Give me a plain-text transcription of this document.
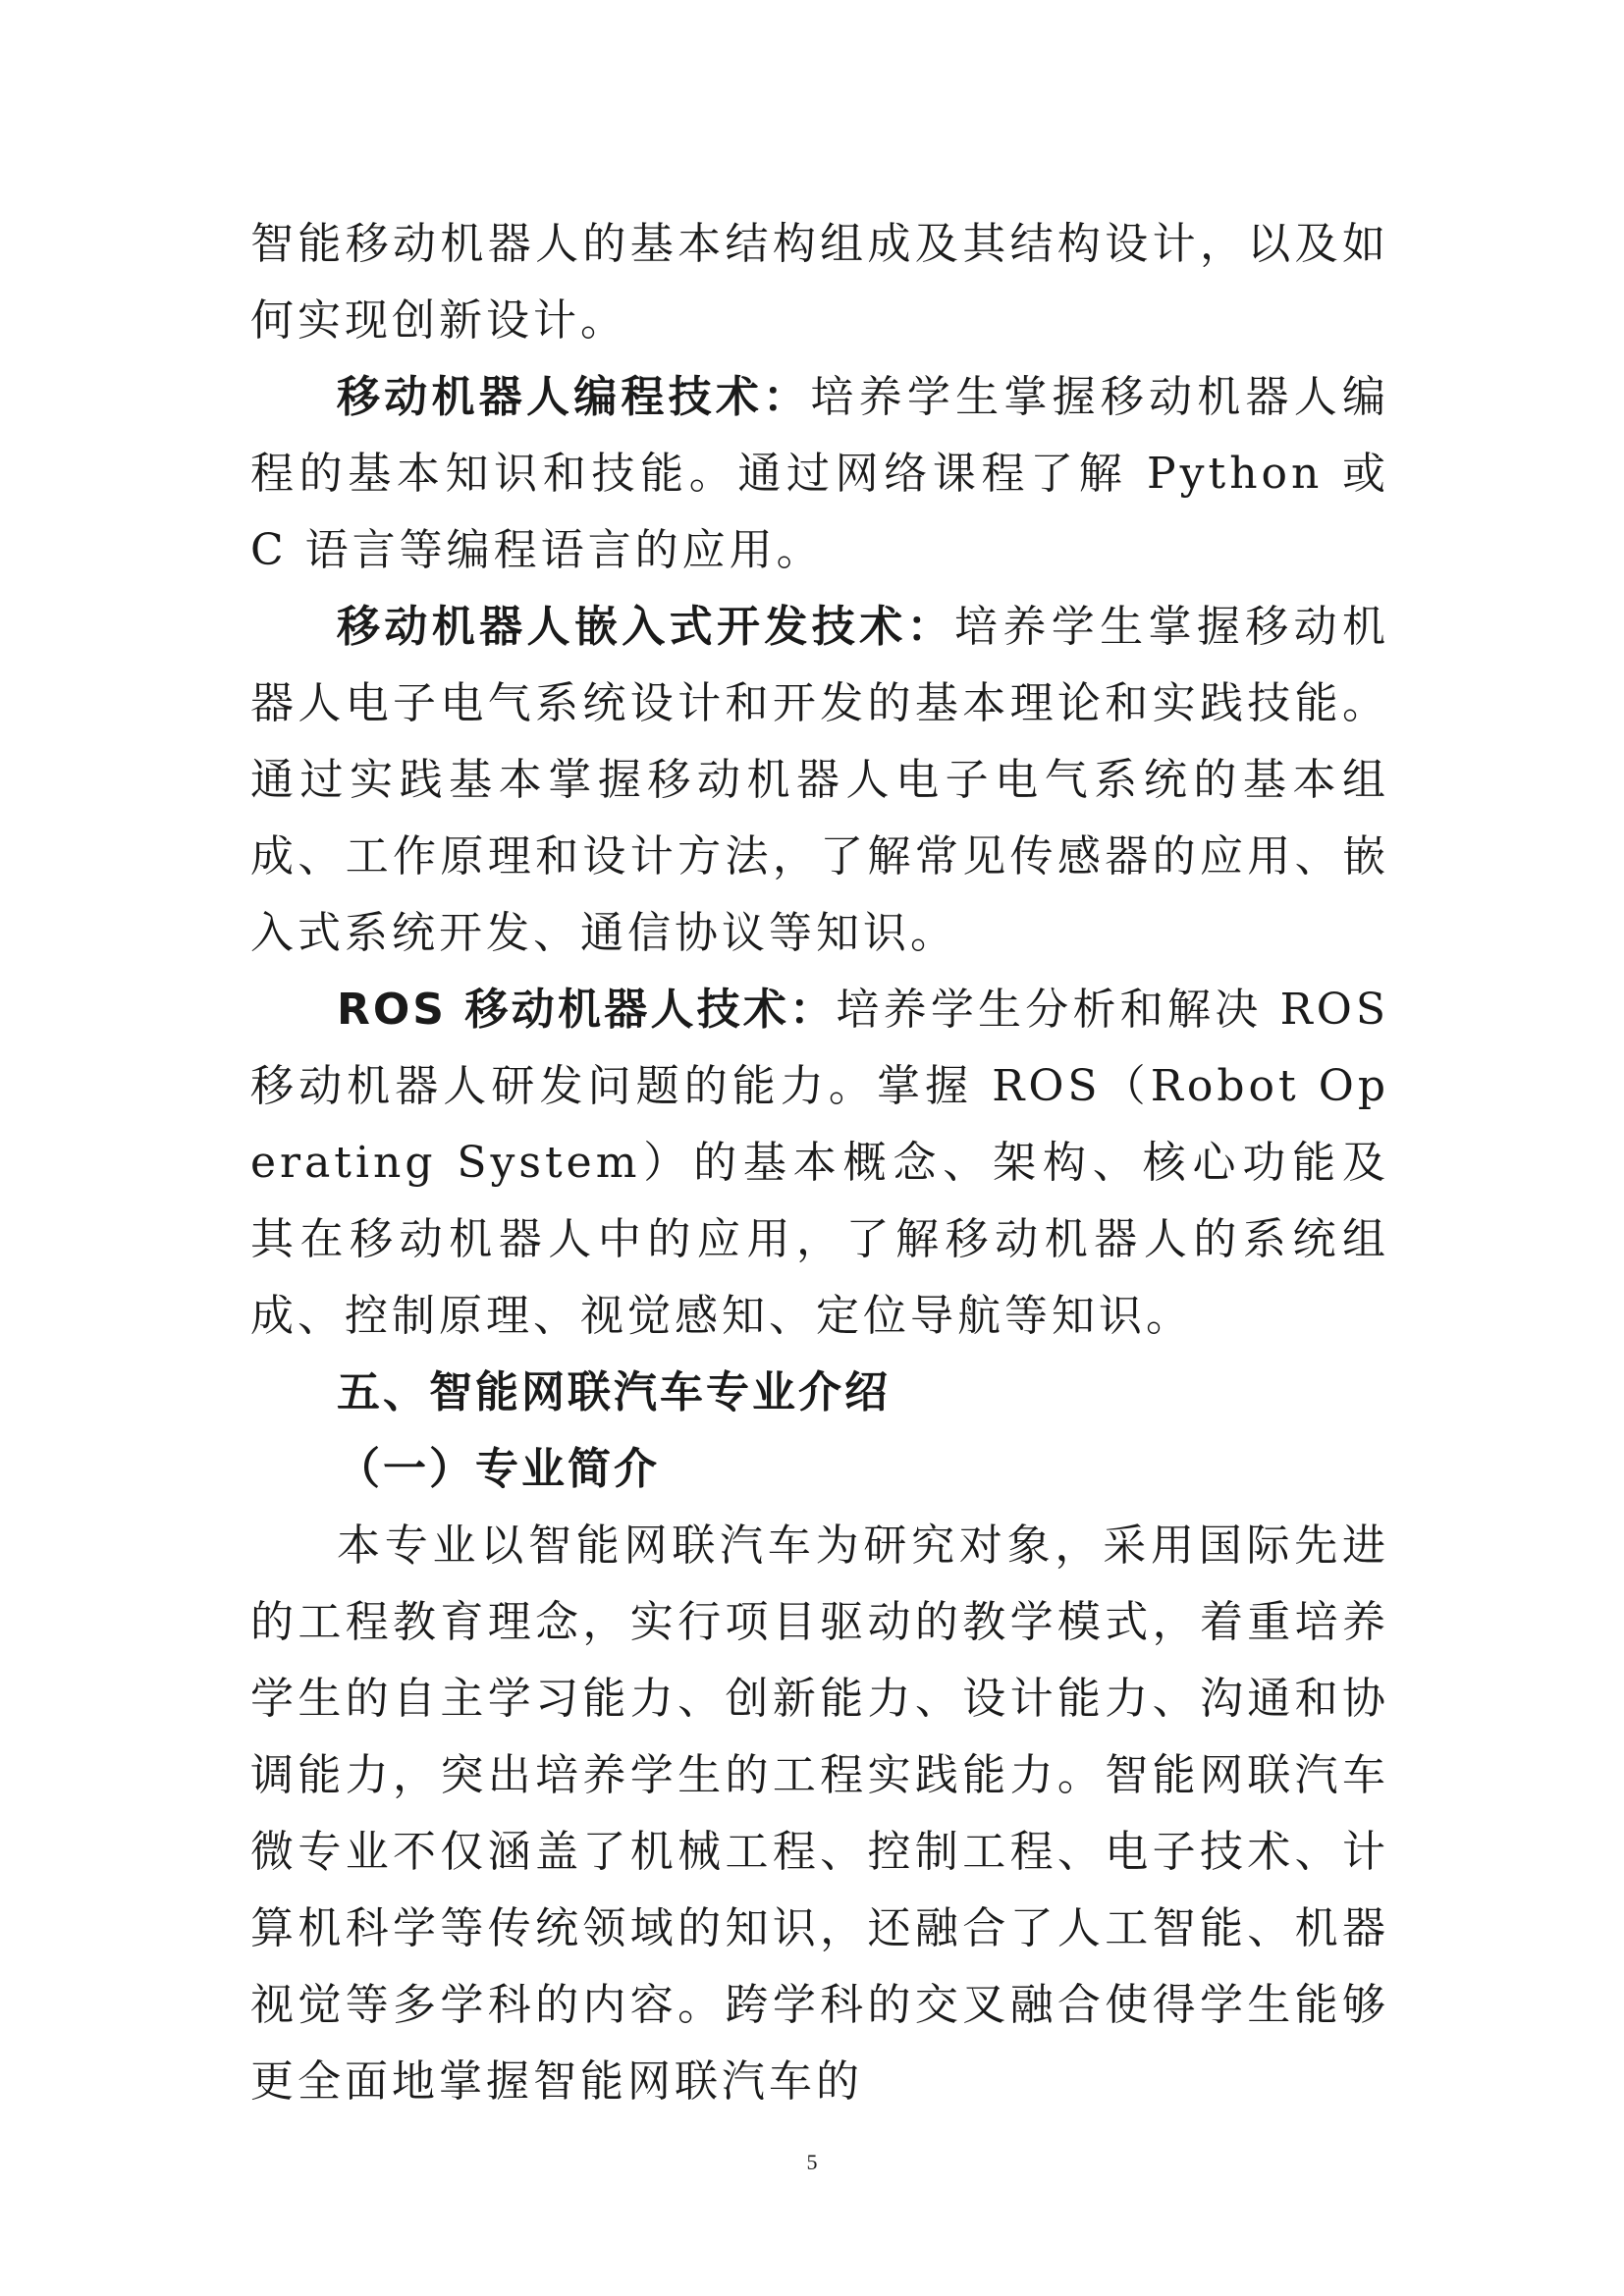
智能移动机器人的基本结构组成及其结构设计，以及如何实现创新设计。

移动机器人编程技术：培养学生掌握移动机器人编程的基本知识和技能。通过网络课程了解 Python 或 C 语言等编程语言的应用。

移动机器人嵌入式开发技术：培养学生掌握移动机器人电子电气系统设计和开发的基本理论和实践技能。通过实践基本掌握移动机器人电子电气系统的基本组成、工作原理和设计方法，了解常见传感器的应用、嵌入式系统开发、通信协议等知识。

ROS 移动机器人技术：培养学生分析和解决 ROS 移动机器人研发问题的能力。掌握 ROS（Robot Operating System）的基本概念、架构、核心功能及其在移动机器人中的应用，了解移动机器人的系统组成、控制原理、视觉感知、定位导航等知识。

五、智能网联汽车专业介绍

（一）专业简介

本专业以智能网联汽车为研究对象，采用国际先进的工程教育理念，实行项目驱动的教学模式，着重培养学生的自主学习能力、创新能力、设计能力、沟通和协调能力，突出培养学生的工程实践能力。智能网联汽车微专业不仅涵盖了机械工程、控制工程、电子技术、计算机科学等传统领域的知识，还融合了人工智能、机器视觉等多学科的内容。跨学科的交叉融合使得学生能够更全面地掌握智能网联汽车的

5
